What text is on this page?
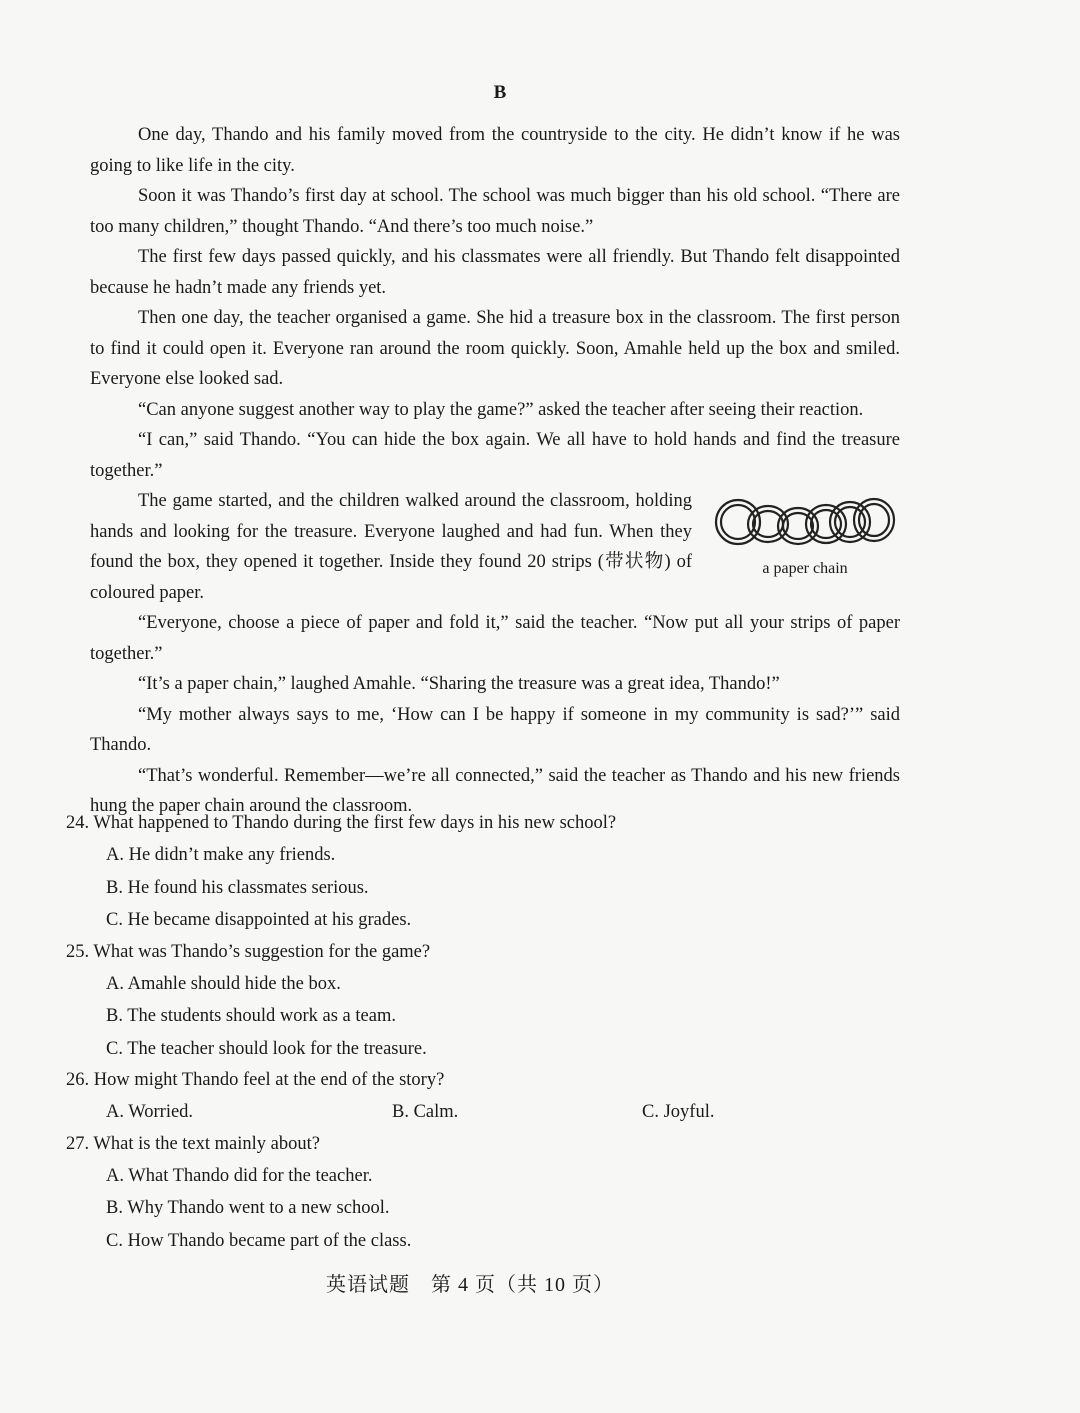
B

One day, Thando and his family moved from the countryside to the city. He didn’t know if he was going to like life in the city.

Soon it was Thando’s first day at school. The school was much bigger than his old school. “There are too many children,” thought Thando. “And there’s too much noise.”

The first few days passed quickly, and his classmates were all friendly. But Thando felt disappointed because he hadn’t made any friends yet.

Then one day, the teacher organised a game. She hid a treasure box in the classroom. The first person to find it could open it. Everyone ran around the room quickly. Soon, Amahle held up the box and smiled. Everyone else looked sad.

“Can anyone suggest another way to play the game?” asked the teacher after seeing their reaction.

“I can,” said Thando. “You can hide the box again. We all have to hold hands and find the treasure together.”

a paper chain

The game started, and the children walked around the classroom, holding hands and looking for the treasure. Everyone laughed and had fun. When they found the box, they opened it together. Inside they found 20 strips (带状物) of coloured paper.

“Everyone, choose a piece of paper and fold it,” said the teacher. “Now put all your strips of paper together.”

“It’s a paper chain,” laughed Amahle. “Sharing the treasure was a great idea, Thando!”

“My mother always says to me, ‘How can I be happy if someone in my community is sad?’” said Thando.

“That’s wonderful. Remember—we’re all connected,” said the teacher as Thando and his new friends hung the paper chain around the classroom.

24. What happened to Thando during the first few days in his new school?
A. He didn’t make any friends.
B. He found his classmates serious.
C. He became disappointed at his grades.
25. What was Thando’s suggestion for the game?
A. Amahle should hide the box.
B. The students should work as a team.
C. The teacher should look for the treasure.
26. How might Thando feel at the end of the story?
A. Worried.	B. Calm.	C. Joyful.
27. What is the text mainly about?
A. What Thando did for the teacher.
B. Why Thando went to a new school.
C. How Thando became part of the class.
英语试题　第 4 页（共 10 页）
